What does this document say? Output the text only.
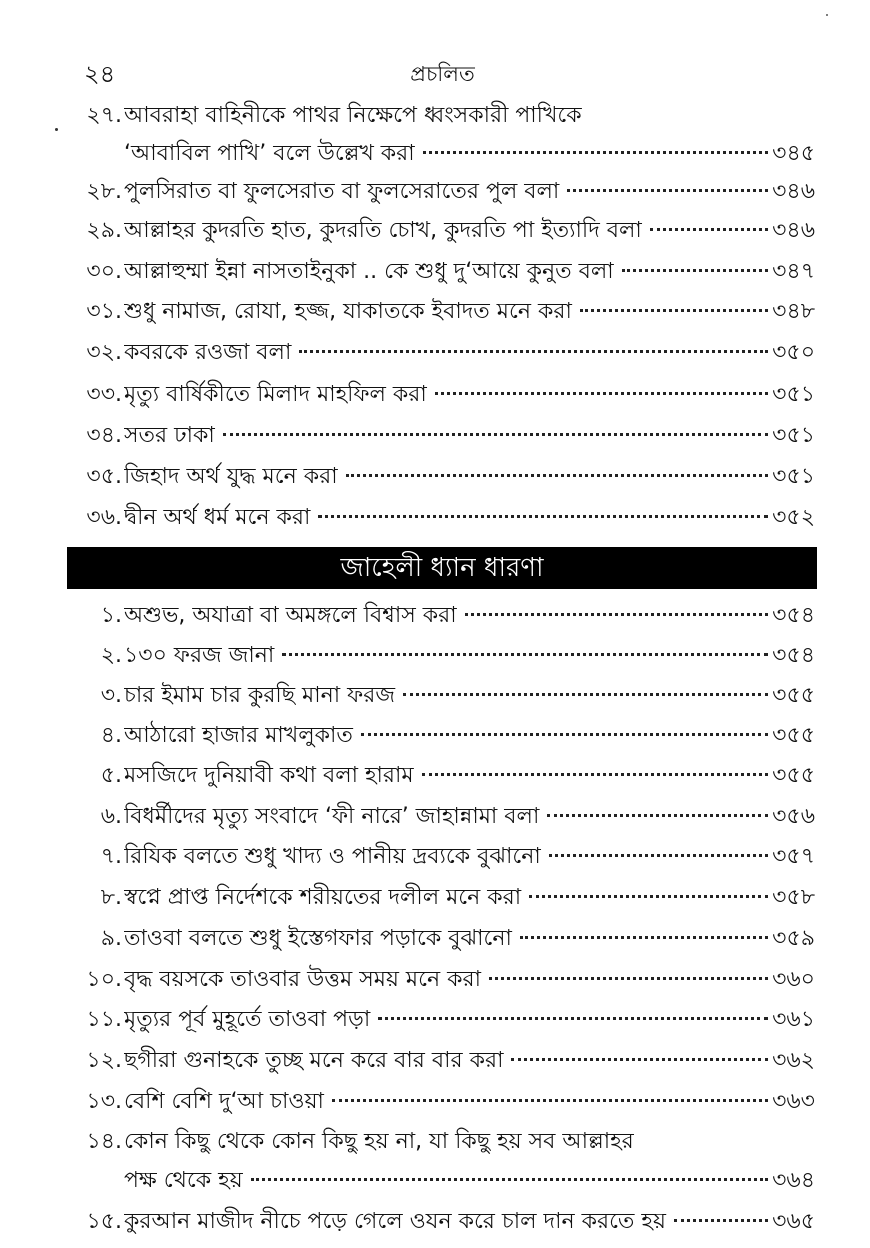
২৪	প্রচলিত
২৭. আবরাহা বাহিনীকে পাথর নিক্ষেপে ধ্বংসকারী পাখিকে
‘আবাবিল পাখি’ বলে উল্লেখ করা	৩৪৫
২৮. পুলসিরাত বা ফুলসেরাত বা ফুলসেরাতের পুল বলা	৩৪৬
২৯. আল্লাহর কুদরতি হাত, কুদরতি চোখ, কুদরতি পা ইত্যাদি বলা	৩৪৬
৩০. আল্লাহুম্মা ইন্না নাসতাইনুকা .. কে শুধু দু‘আয়ে কুনুত বলা	৩৪৭
৩১. শুধু নামাজ, রোযা, হজ্জ, যাকাতকে ইবাদত মনে করা	৩৪৮
৩২. কবরকে রওজা বলা	৩৫০
৩৩. মৃত্যু বার্ষিকীতে মিলাদ মাহফিল করা	৩৫১
৩৪. সতর ঢাকা	৩৫১
৩৫. জিহাদ অর্থ যুদ্ধ মনে করা	৩৫১
৩৬. দ্বীন অর্থ ধর্ম মনে করা	৩৫২
জাহেলী ধ্যান ধারণা
১. অশুভ, অযাত্রা বা অমঙ্গলে বিশ্বাস করা	৩৫৪
২. ১৩০ ফরজ জানা	৩৫৪
৩. চার ইমাম চার কুরছি মানা ফরজ	৩৫৫
৪. আঠারো হাজার মাখলুকাত	৩৫৫
৫. মসজিদে দুনিয়াবী কথা বলা হারাম	৩৫৫
৬. বিধর্মীদের মৃত্যু সংবাদে ‘ফী নারে’ জাহান্নামা বলা	৩৫৬
৭. রিযিক বলতে শুধু খাদ্য ও পানীয় দ্রব্যকে বুঝানো	৩৫৭
৮. স্বপ্নে প্রাপ্ত নির্দেশকে শরীয়তের দলীল মনে করা	৩৫৮
৯. তাওবা বলতে শুধু ইস্তেগফার পড়াকে বুঝানো	৩৫৯
১০. বৃদ্ধ বয়সকে তাওবার উত্তম সময় মনে করা	৩৬০
১১. মৃত্যুর পূর্ব মুহূর্তে তাওবা পড়া	৩৬১
১২. ছগীরা গুনাহকে তুচ্ছ মনে করে বার বার করা	৩৬২
১৩. বেশি বেশি দু‘আ চাওয়া	৩৬৩
১৪. কোন কিছু থেকে কোন কিছু হয় না, যা কিছু হয় সব আল্লাহর
পক্ষ থেকে হয়	৩৬৪
১৫. কুরআন মাজীদ নীচে পড়ে গেলে ওযন করে চাল দান করতে হয়	৩৬৫
